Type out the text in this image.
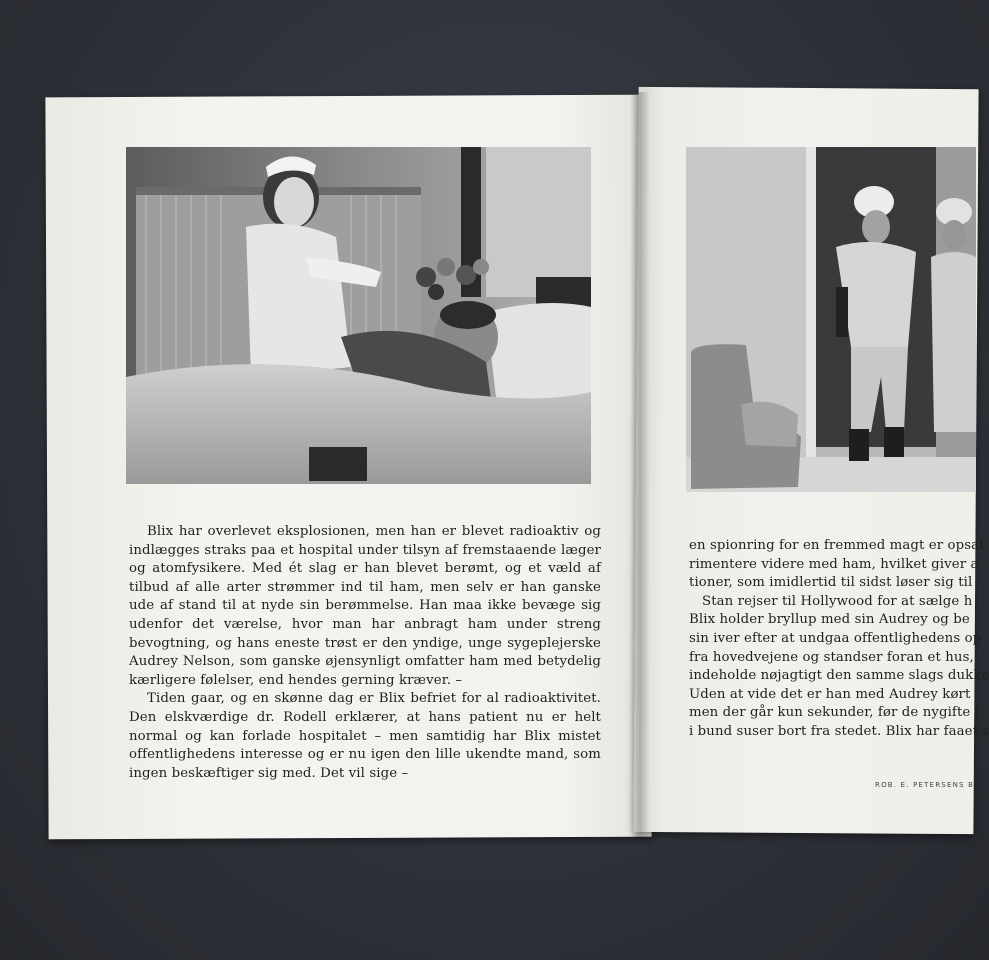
Blix har overlevet eksplosionen, men han er blevet radioaktiv og indlægges straks paa et hospital under tilsyn af fremstaaende læger og atomfysikere. Med ét slag er han blevet berømt, og et væld af tilbud af alle arter strømmer ind til ham, men selv er han ganske ude af stand til at nyde sin berømmelse. Han maa ikke bevæge sig udenfor det værelse, hvor man har anbragt ham under streng bevogtning, og hans eneste trøst er den yndige, unge sygeplejerske Audrey Nelson, som ganske øjensynligt omfatter ham med betydelig kærligere følelser, end hendes gerning kræver. –

Tiden gaar, og en skønne dag er Blix befriet for al radioaktivitet. Den elskværdige dr. Rodell erklærer, at hans patient nu er helt normal og kan forlade hospitalet – men samtidig har Blix mistet offentlighedens interesse og er nu igen den lille ukendte mand, som ingen beskæftiger sig med. Det vil sige –

en spionring for en fremmed magt er opsat
rimentere videre med ham, hvilket giver a
tioner, som imidlertid til sidst løser sig til
Stan rejser til Hollywood for at sælge h
Blix holder bryllup med sin Audrey og be
sin iver efter at undgaa offentlighedens op
fra hovedvejene og standser foran et hus,
indeholde nøjagtigt den samme slags dukke
Uden at vide det er han med Audrey kørt
men der går kun sekunder, før de nygifte f
i bund suser bort fra stedet. Blix har faaet s
ROB. E. PETERSENS B
